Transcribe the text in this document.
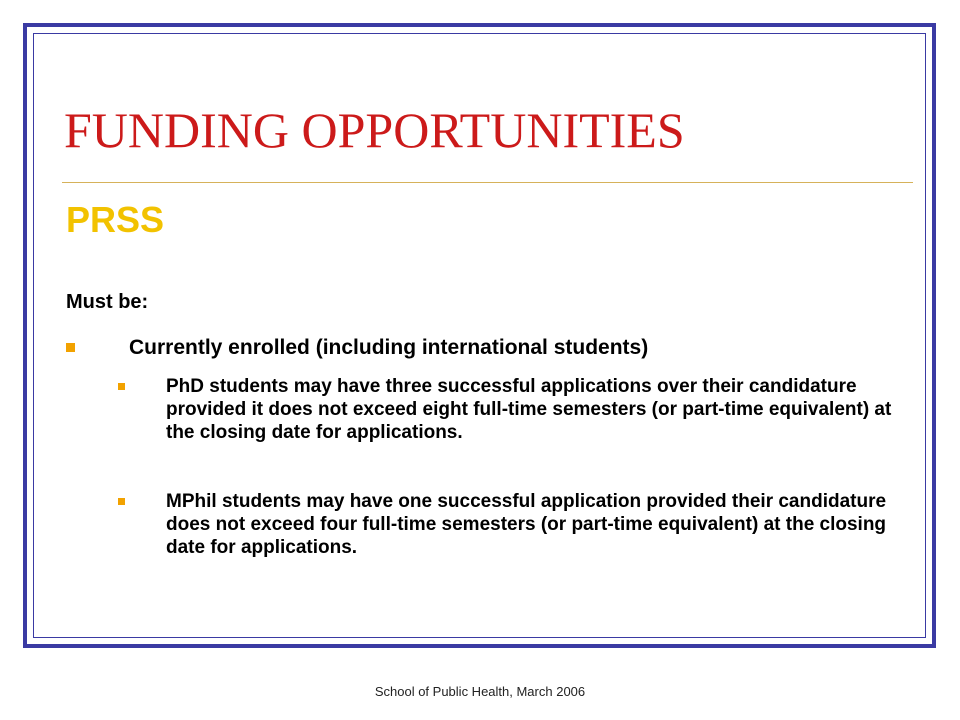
FUNDING OPPORTUNITIES
PRSS

Must be:

Currently enrolled (including international students)
PhD students may have three successful applications over their candidature provided it does not exceed eight full-time semesters (or part-time equivalent) at the closing date for applications.
MPhil students may have one successful application provided their candidature does not exceed four full-time semesters (or part-time equivalent) at the closing date for applications.

School of Public Health, March 2006
